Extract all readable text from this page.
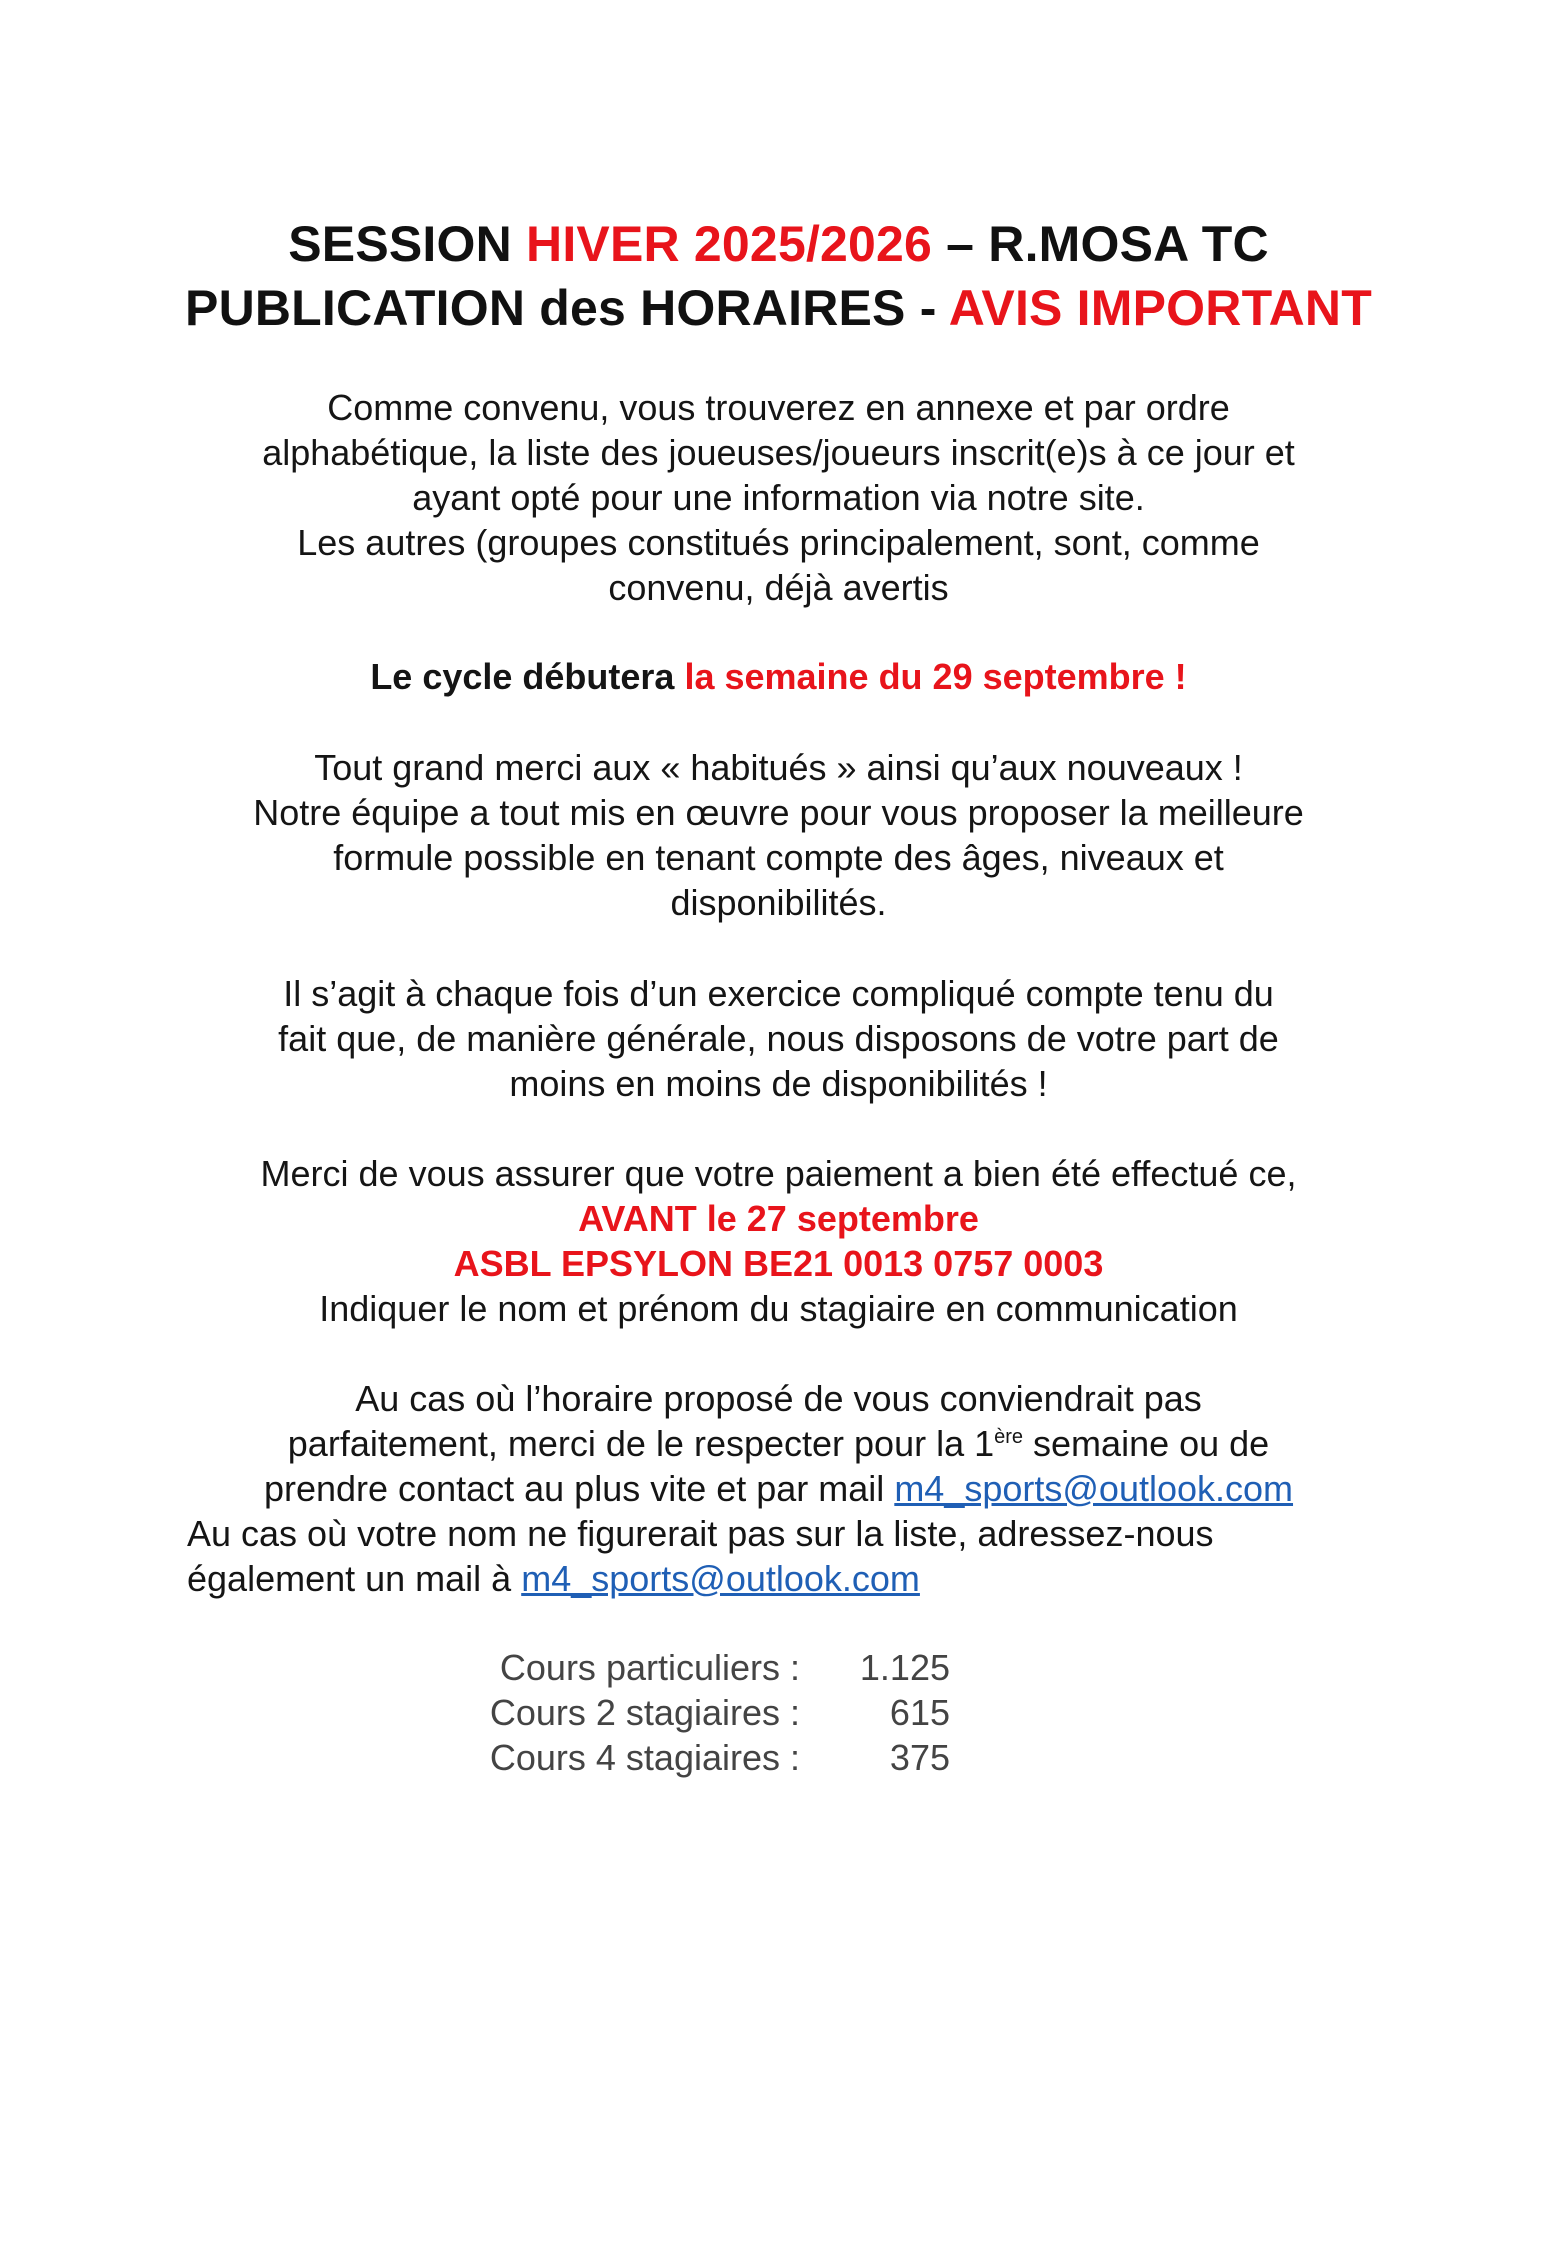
SESSION HIVER 2025/2026 – R.MOSA TC
PUBLICATION des HORAIRES - AVIS IMPORTANT
Comme convenu, vous trouverez en annexe et par ordre
alphabétique, la liste des joueuses/joueurs inscrit(e)s à ce jour et
ayant opté pour une information via notre site.
Les autres (groupes constitués principalement, sont, comme
convenu, déjà avertis
Le cycle débutera la semaine du 29 septembre !
Tout grand merci aux « habitués » ainsi qu’aux nouveaux !
Notre équipe a tout mis en œuvre pour vous proposer la meilleure
formule possible en tenant compte des âges, niveaux et
disponibilités.
Il s’agit à chaque fois d’un exercice compliqué compte tenu du
fait que, de manière générale, nous disposons de votre part de
moins en moins de disponibilités !
Merci de vous assurer que votre paiement a bien été effectué ce,
AVANT le 27 septembre
ASBL EPSYLON BE21 0013 0757 0003
Indiquer le nom et prénom du stagiaire en communication
Au cas où l’horaire proposé de vous conviendrait pas
parfaitement, merci de le respecter pour la 1ère semaine ou de
prendre contact au plus vite et par mail m4_sports@outlook.com
Au cas où votre nom ne figurerait pas sur la liste, adressez-nous
également un mail à m4_sports@outlook.com
Cours particuliers :	1.125
Cours 2 stagiaires :	615
Cours 4 stagiaires :	375
